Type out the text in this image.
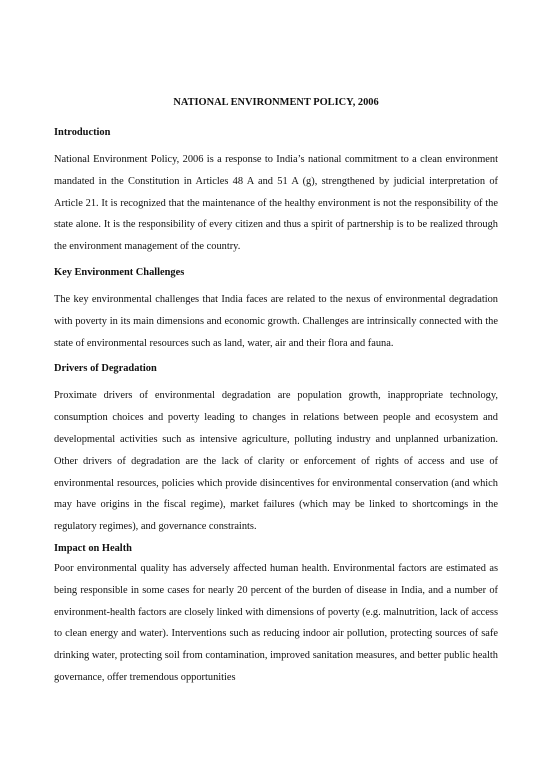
NATIONAL ENVIRONMENT POLICY, 2006
Introduction
National Environment Policy, 2006 is a response to India’s national commitment to a clean environment mandated in the Constitution in Articles 48 A and 51 A (g), strengthened by judicial interpretation of Article 21. It is recognized that the maintenance of the healthy environment is not the responsibility of the state alone. It is the responsibility of every citizen and thus a spirit of partnership is to be realized through the environment management of the country.
Key Environment Challenges
The key environmental challenges that India faces are related to the nexus of environmental degradation with poverty in its main dimensions and economic growth. Challenges are intrinsically connected with the state of environmental resources such as land, water, air and their flora and fauna.
Drivers of Degradation
Proximate drivers of environmental degradation are population growth, inappropriate technology, consumption choices and poverty leading to changes in relations between people and ecosystem and developmental activities such as intensive agriculture, polluting industry and unplanned urbanization. Other drivers of degradation are the lack of clarity or enforcement of rights of access and use of environmental resources, policies which provide disincentives for environmental conservation (and which may have origins in the fiscal regime), market failures (which may be linked to shortcomings in the regulatory regimes), and governance constraints.
Impact on Health
Poor environmental quality has adversely affected human health. Environmental factors are estimated as being responsible in some cases for nearly 20 percent of the burden of disease in India, and a number of environment-health factors are closely linked with dimensions of poverty (e.g. malnutrition, lack of access to clean energy and water). Interventions such as reducing indoor air pollution, protecting sources of safe drinking water, protecting soil from contamination, improved sanitation measures, and better public health governance, offer tremendous opportunities
